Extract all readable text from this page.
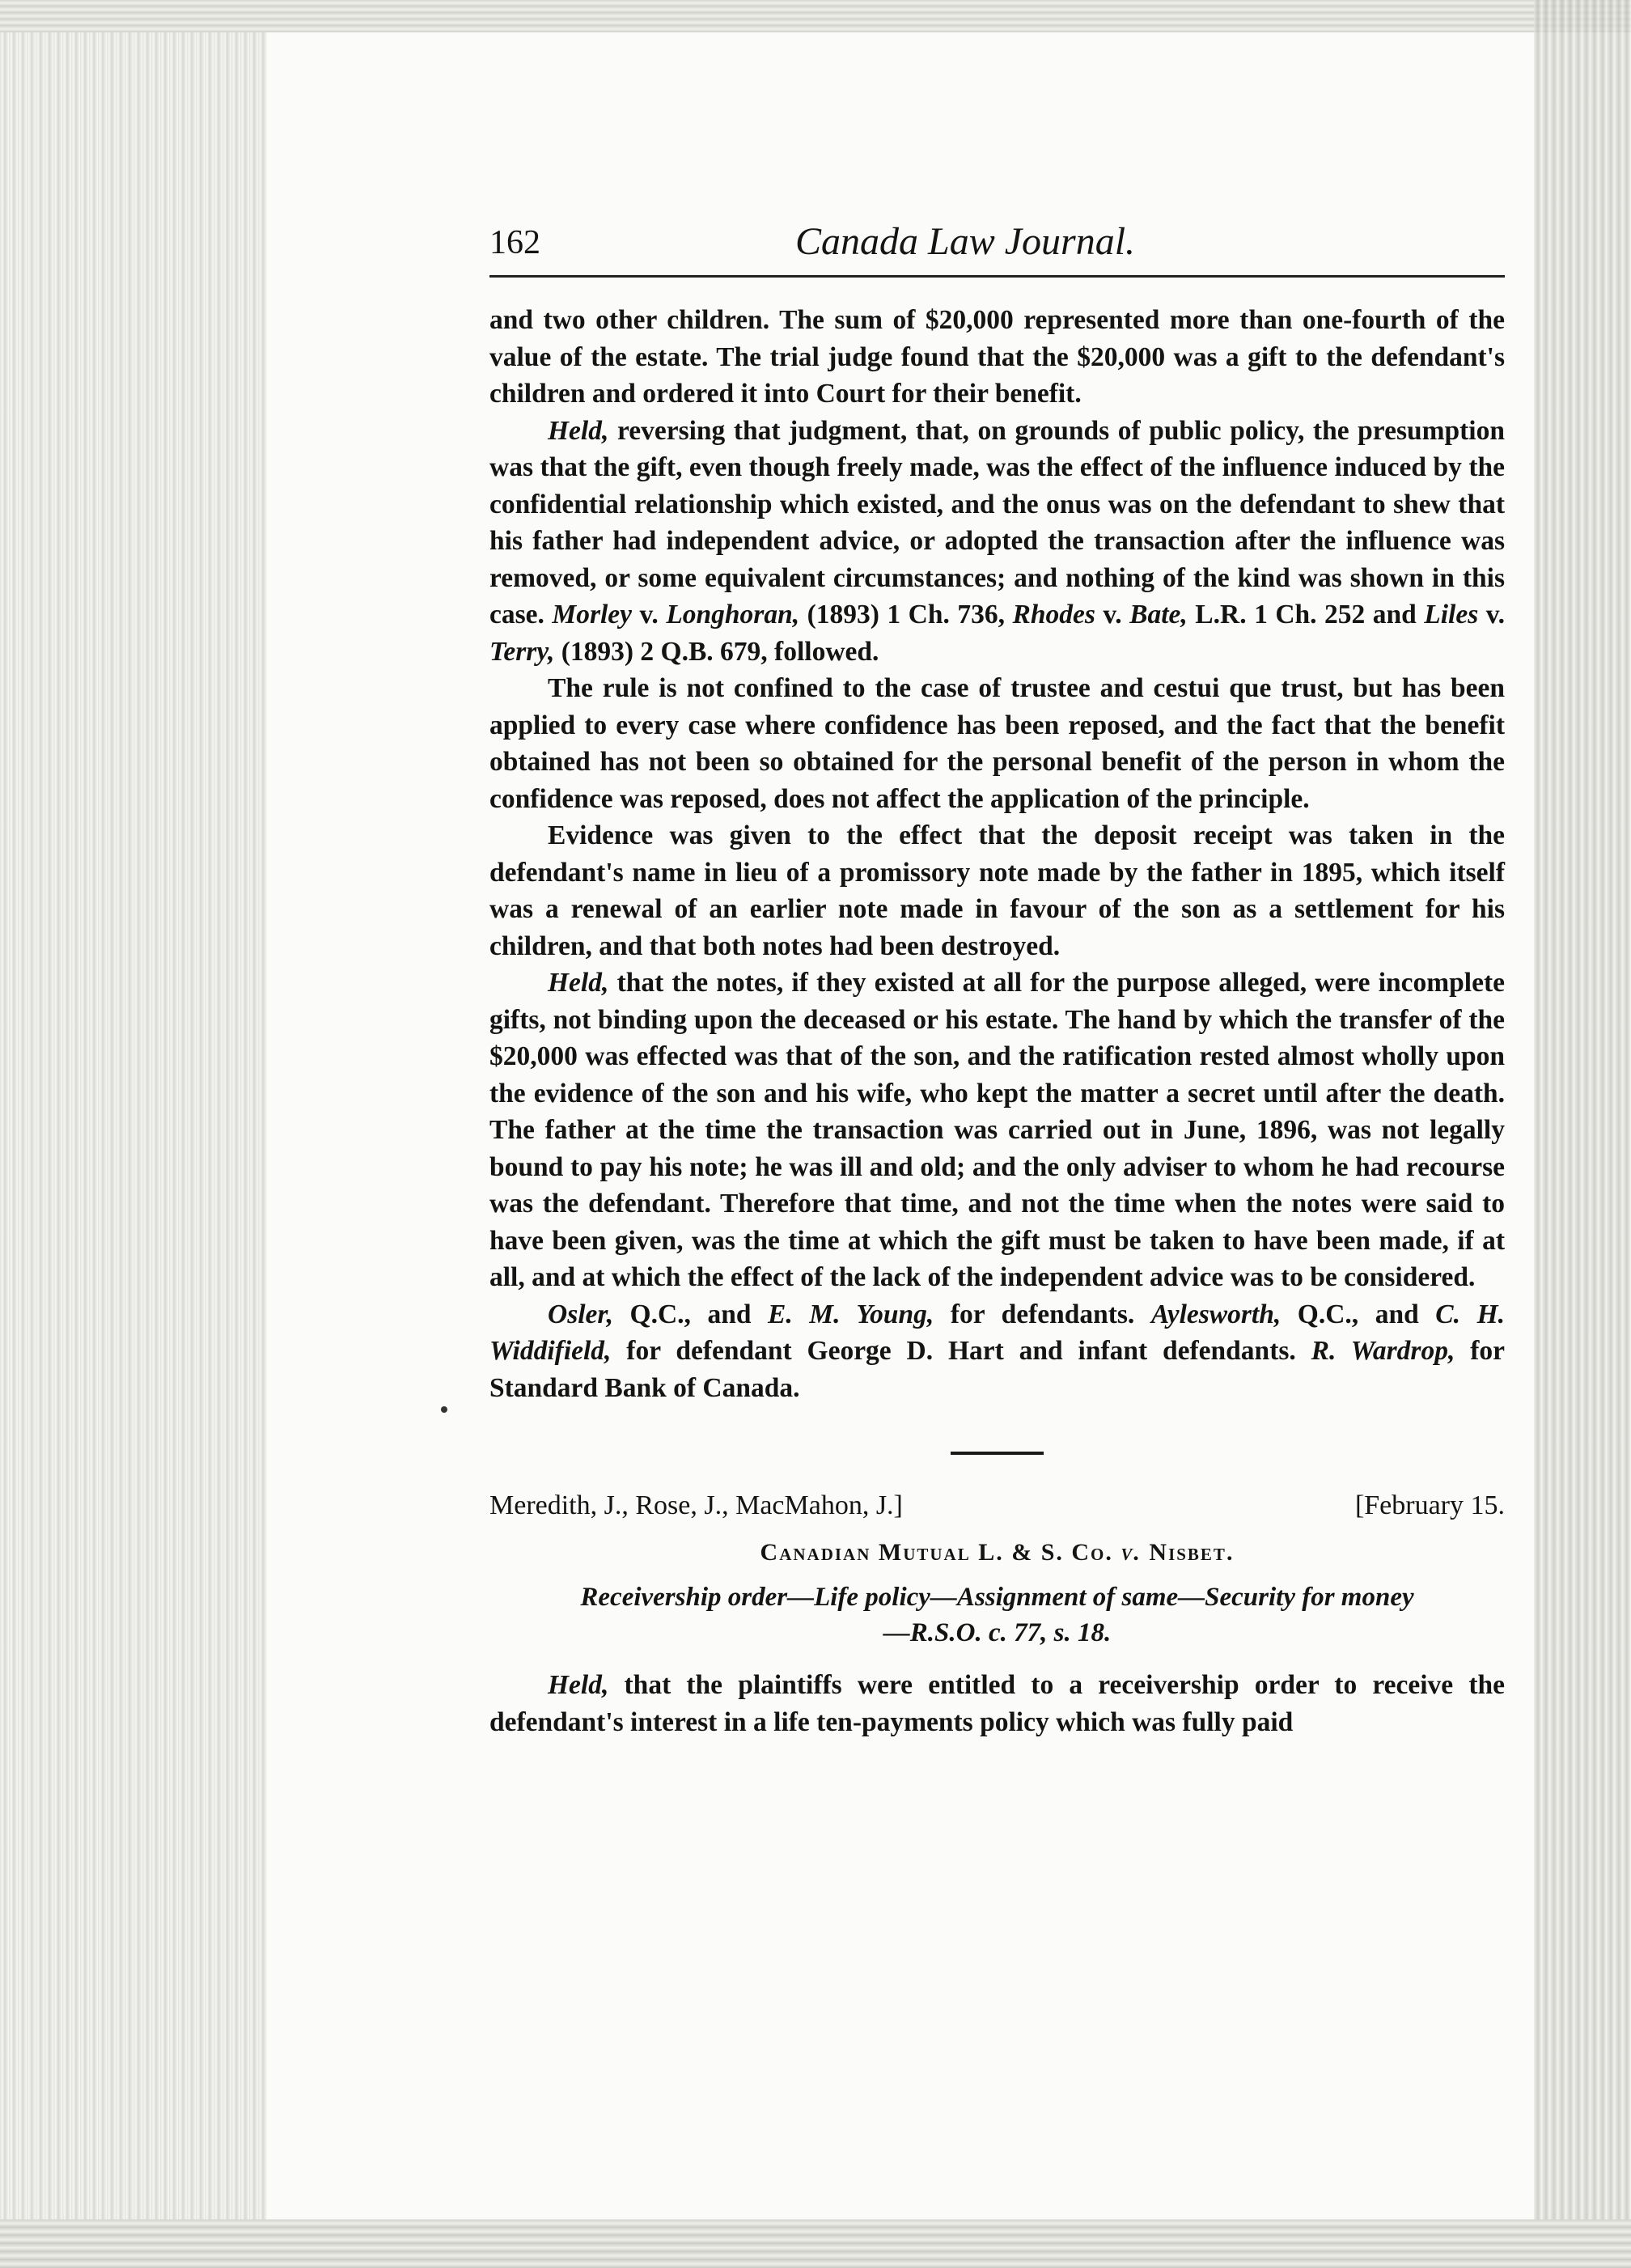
162	Canada Law Journal.

and two other children. The sum of $20,000 represented more than one-fourth of the value of the estate. The trial judge found that the $20,000 was a gift to the defendant's children and ordered it into Court for their benefit.

Held, reversing that judgment, that, on grounds of public policy, the presumption was that the gift, even though freely made, was the effect of the influence induced by the confidential relationship which existed, and the onus was on the defendant to shew that his father had independent advice, or adopted the transaction after the influence was removed, or some equivalent circumstances; and nothing of the kind was shown in this case. Morley v. Longhoran, (1893) 1 Ch. 736, Rhodes v. Bate, L.R. 1 Ch. 252 and Liles v. Terry, (1893) 2 Q.B. 679, followed.

The rule is not confined to the case of trustee and cestui que trust, but has been applied to every case where confidence has been reposed, and the fact that the benefit obtained has not been so obtained for the personal benefit of the person in whom the confidence was reposed, does not affect the application of the principle.

Evidence was given to the effect that the deposit receipt was taken in the defendant's name in lieu of a promissory note made by the father in 1895, which itself was a renewal of an earlier note made in favour of the son as a settlement for his children, and that both notes had been destroyed.

Held, that the notes, if they existed at all for the purpose alleged, were incomplete gifts, not binding upon the deceased or his estate. The hand by which the transfer of the $20,000 was effected was that of the son, and the ratification rested almost wholly upon the evidence of the son and his wife, who kept the matter a secret until after the death. The father at the time the transaction was carried out in June, 1896, was not legally bound to pay his note; he was ill and old; and the only adviser to whom he had recourse was the defendant. Therefore that time, and not the time when the notes were said to have been given, was the time at which the gift must be taken to have been made, if at all, and at which the effect of the lack of the independent advice was to be considered.

Osler, Q.C., and E. M. Young, for defendants. Aylesworth, Q.C., and C. H. Widdifield, for defendant George D. Hart and infant defendants. R. Wardrop, for Standard Bank of Canada.

Meredith, J., Rose, J., MacMahon, J.]	[February 15.
Canadian Mutual L. & S. Co. v. Nisbet.
Receivership order—Life policy—Assignment of same—Security for money
—R.S.O. c. 77, s. 18.

Held, that the plaintiffs were entitled to a receivership order to receive the defendant's interest in a life ten-payments policy which was fully paid
